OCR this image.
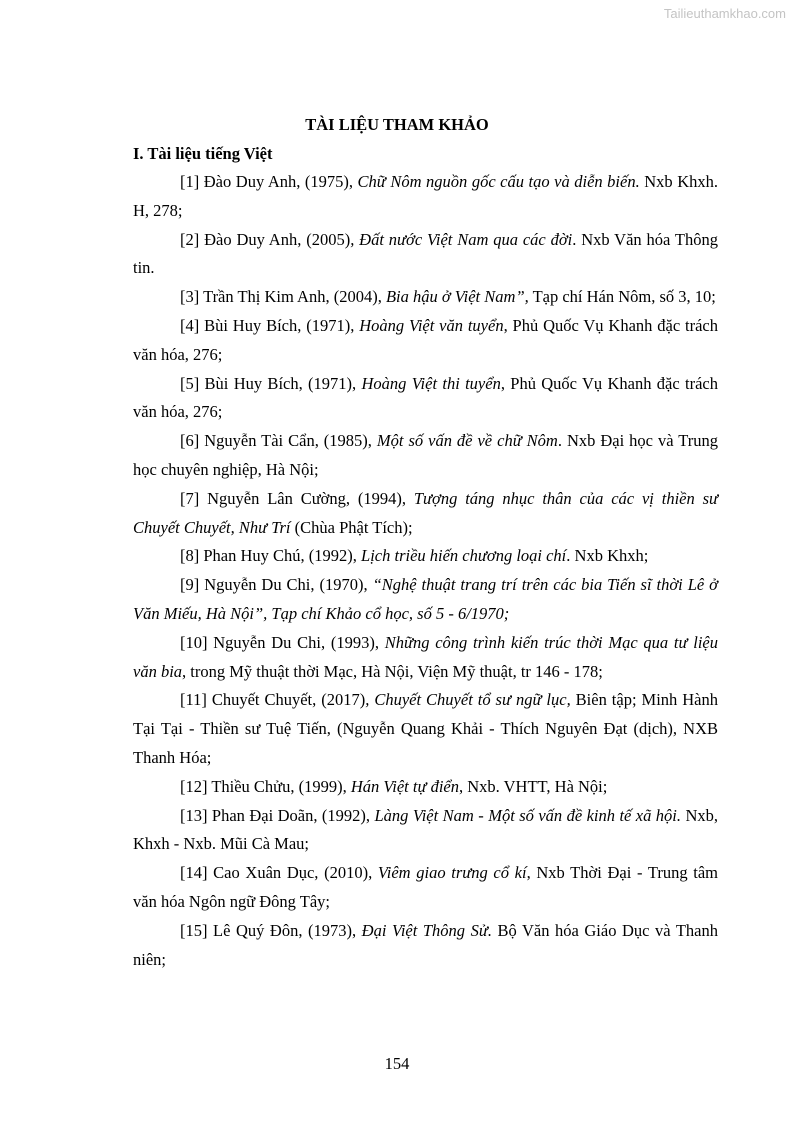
Tailieuthamkhao.com
TÀI LIỆU THAM KHẢO
I. Tài liệu tiếng Việt

[1] Đào Duy Anh, (1975), Chữ Nôm nguồn gốc cấu tạo và diễn biến. Nxb Khxh. H, 278;

[2] Đào Duy Anh, (2005), Đất nước Việt Nam qua các đời. Nxb Văn hóa Thông tin.

[3] Trần Thị Kim Anh, (2004), Bia hậu ở Việt Nam”, Tạp chí Hán Nôm, số 3, 10;

[4] Bùi Huy Bích, (1971), Hoàng Việt văn tuyển, Phủ Quốc Vụ Khanh đặc trách văn hóa, 276;

[5] Bùi Huy Bích, (1971), Hoàng Việt thi tuyển, Phủ Quốc Vụ Khanh đặc trách văn hóa, 276;

[6] Nguyễn Tài Cẩn, (1985), Một số vấn đề về chữ Nôm. Nxb Đại học và Trung học chuyên nghiệp, Hà Nội;

[7] Nguyễn Lân Cường, (1994), Tượng táng nhục thân của các vị thiền sư Chuyết Chuyết, Như Trí (Chùa Phật Tích);

[8] Phan Huy Chú, (1992), Lịch triều hiến chương loại chí. Nxb Khxh;

[9] Nguyễn Du Chi, (1970), “Nghệ thuật trang trí trên các bia Tiến sĩ thời Lê ở Văn Miếu, Hà Nội”, Tạp chí Khảo cổ học, số 5 - 6/1970;

[10] Nguyễn Du Chi, (1993), Những công trình kiến trúc thời Mạc qua tư liệu văn bia, trong Mỹ thuật thời Mạc, Hà Nội, Viện Mỹ thuật, tr 146 - 178;

[11] Chuyết Chuyết, (2017), Chuyết Chuyết tổ sư ngữ lục, Biên tập; Minh Hành Tại Tại - Thiền sư Tuệ Tiến, (Nguyễn Quang Khải - Thích Nguyên Đạt (dịch), NXB Thanh Hóa;

[12] Thiều Chửu, (1999), Hán Việt tự điển, Nxb. VHTT, Hà Nội;

[13] Phan Đại Doãn, (1992), Làng Việt Nam - Một số vấn đề kinh tế xã hội. Nxb, Khxh - Nxb. Mũi Cà Mau;

[14] Cao Xuân Dục, (2010), Viêm giao trưng cổ kí, Nxb Thời Đại - Trung tâm văn hóa Ngôn ngữ Đông Tây;

[15] Lê Quý Đôn, (1973), Đại Việt Thông Sử. Bộ Văn hóa Giáo Dục và Thanh niên;

154
